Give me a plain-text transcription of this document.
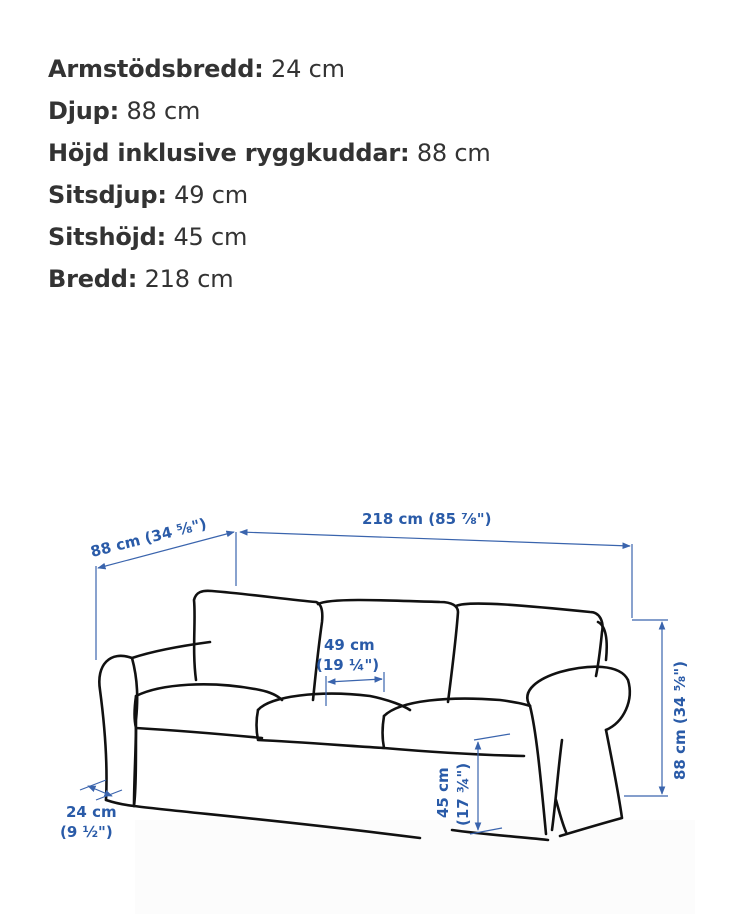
Armstödsbredd: 24 cm
Djup: 88 cm
Höjd inklusive ryggkuddar: 88 cm
Sitsdjup: 49 cm
Sitshöjd: 45 cm
Bredd: 218 cm
88 cm (34 ⅝")	218 cm (85 ⅞")
49 cm
(19 ¼")	88 cm (34 ⅝")
45 cm (17 ¾")
24 cm
(9 ½")
